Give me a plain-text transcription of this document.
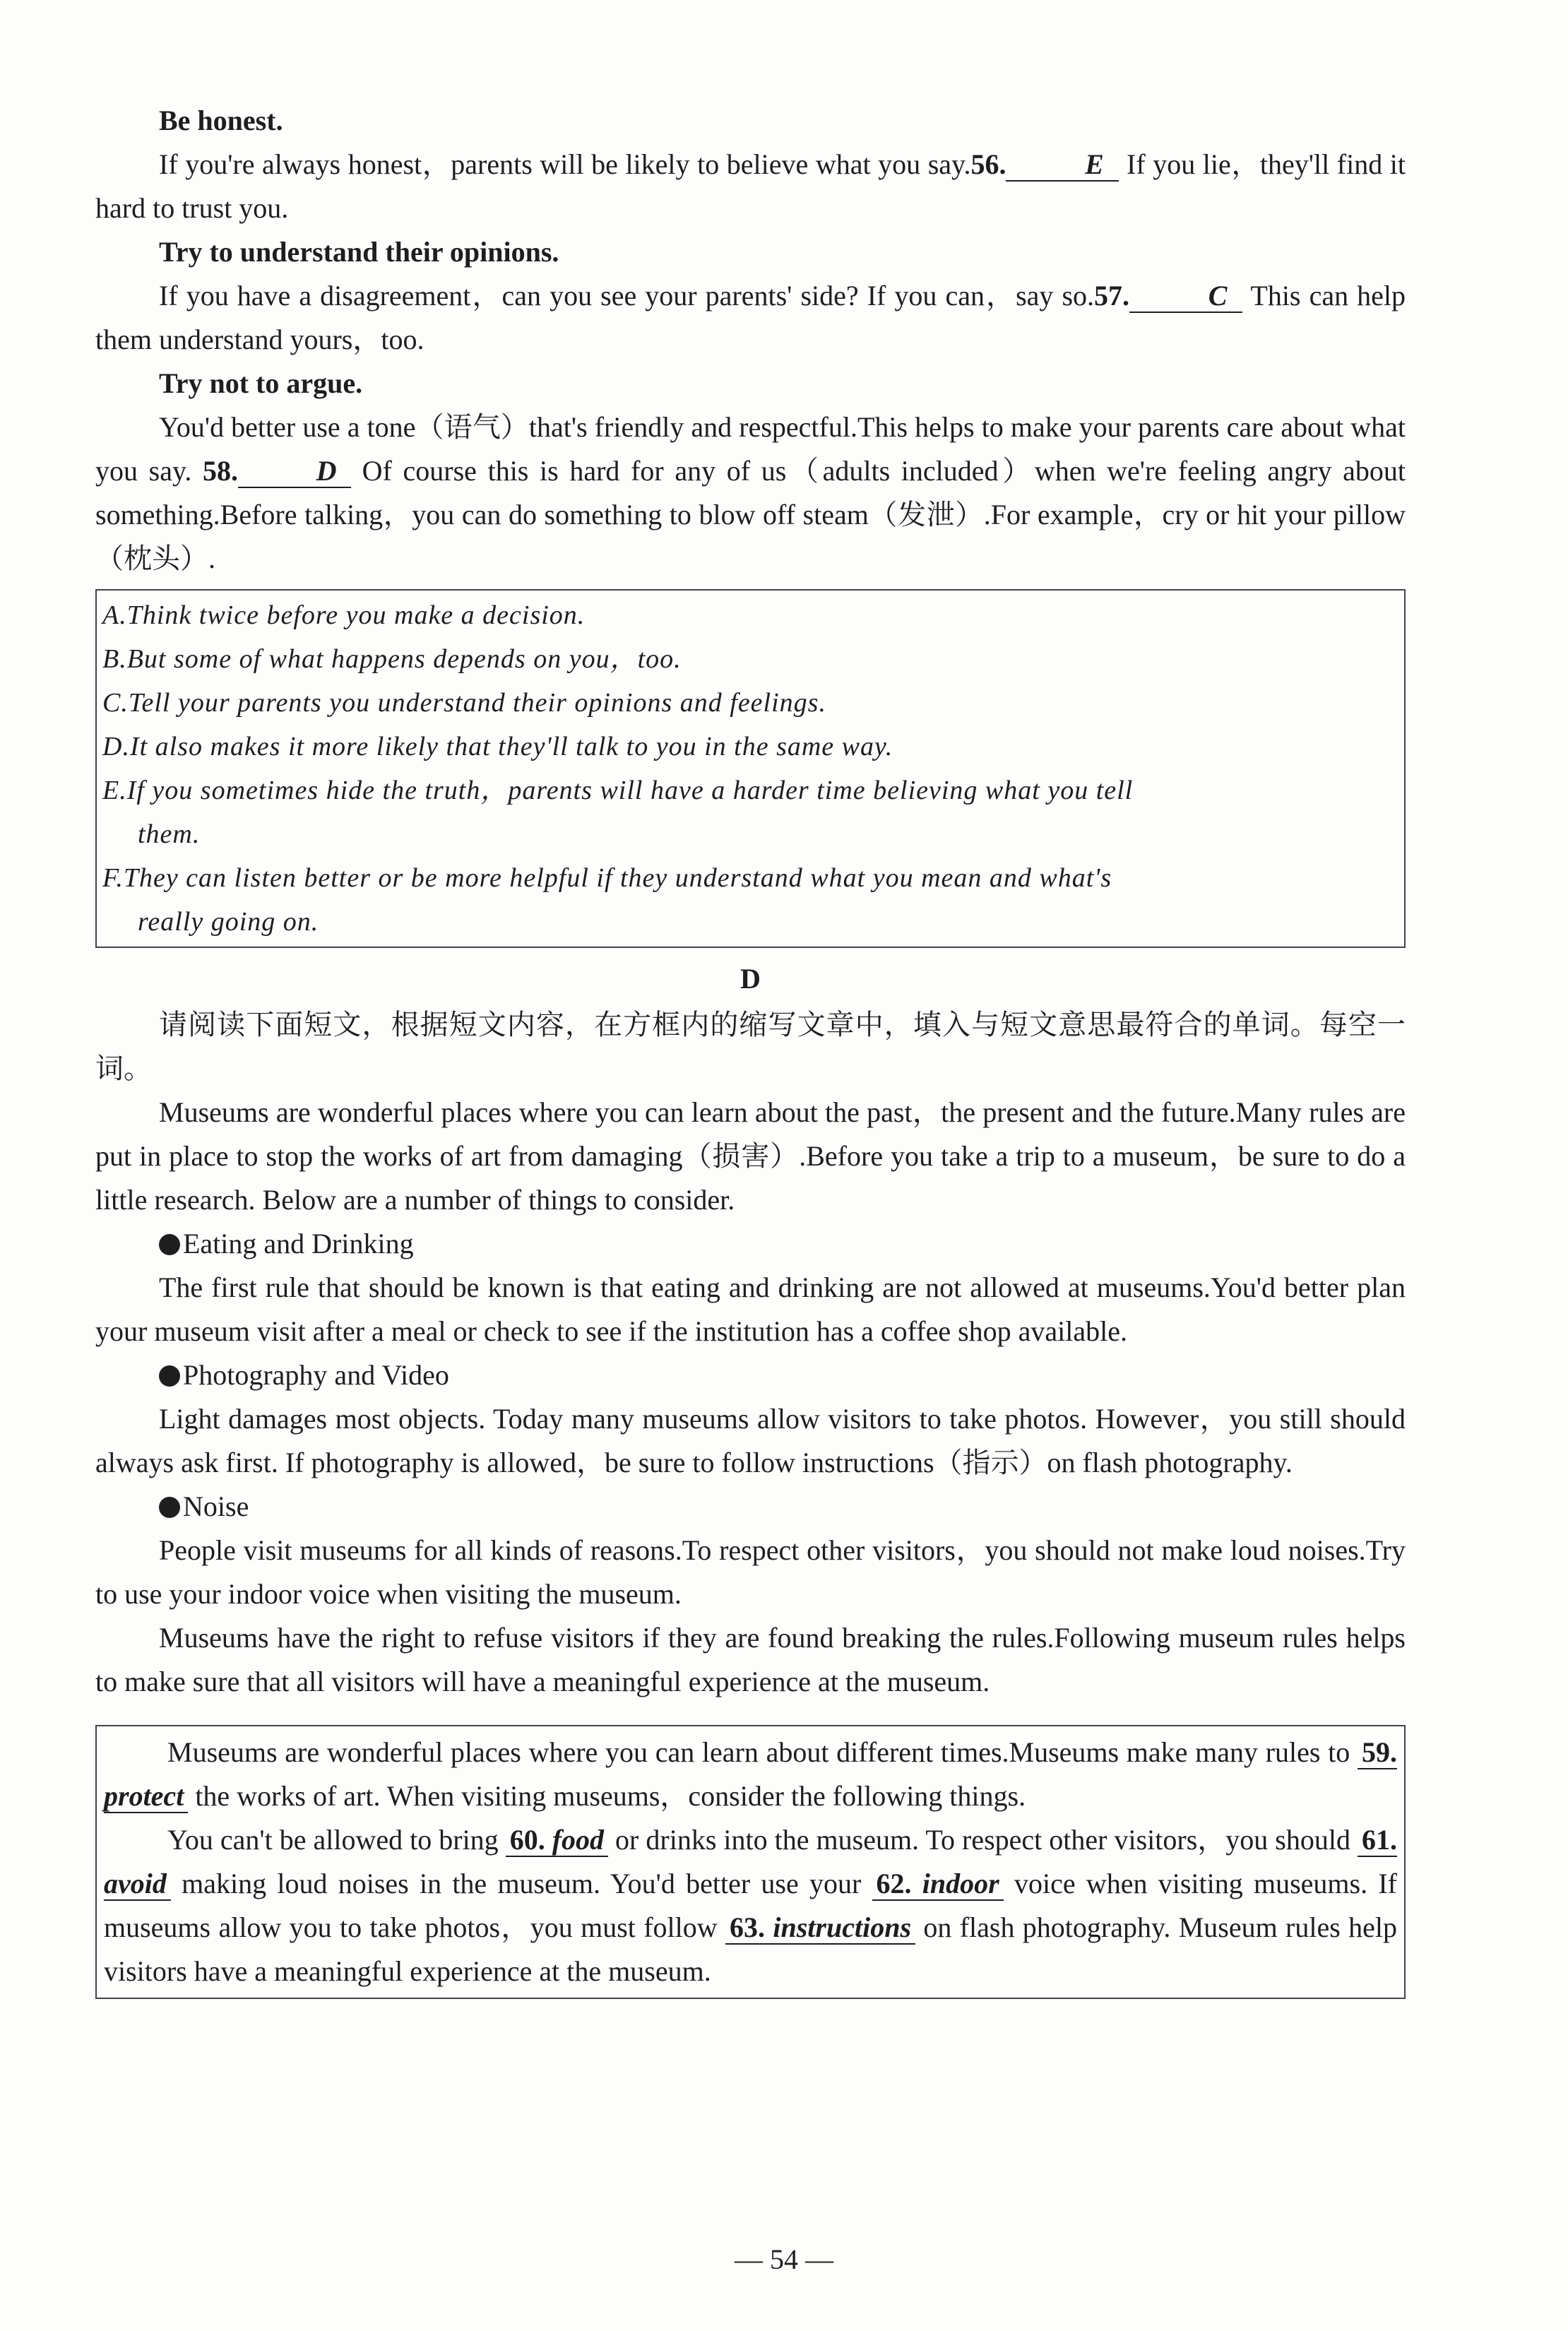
Be honest.

If you're always honest，parents will be likely to believe what you say.56.	E If you lie，they'll find it hard to trust you.

Try to understand their opinions.

If you have a disagreement，can you see your parents' side? If you can，say so.57.	C This can help them understand yours，too.

Try not to argue.

You'd better use a tone（语气）that's friendly and respectful.This helps to make your parents care about what you say. 58.	D Of course this is hard for any of us（adults included）when we're feeling angry about something.Before talking，you can do something to blow off steam（发泄）.For example，cry or hit your pillow（枕头）.

A.Think twice before you make a decision.

B.But some of what happens depends on you，too.

C.Tell your parents you understand their opinions and feelings.

D.It also makes it more likely that they'll talk to you in the same way.

E.If you sometimes hide the truth，parents will have a harder time believing what you tell

them.

F.They can listen better or be more helpful if they understand what you mean and what's

really going on.

D

请阅读下面短文，根据短文内容，在方框内的缩写文章中，填入与短文意思最符合的单词。每空一词。

Museums are wonderful places where you can learn about the past，the present and the future.Many rules are put in place to stop the works of art from damaging（损害）.Before you take a trip to a museum，be sure to do a little research. Below are a number of things to consider.

Eating and Drinking

The first rule that should be known is that eating and drinking are not allowed at museums.You'd better plan your museum visit after a meal or check to see if the institution has a coffee shop available.

Photography and Video

Light damages most objects. Today many museums allow visitors to take photos. However，you still should always ask first. If photography is allowed，be sure to follow instructions（指示）on flash photography.

Noise

People visit museums for all kinds of reasons.To respect other visitors，you should not make loud noises.Try to use your indoor voice when visiting the museum.

Museums have the right to refuse visitors if they are found breaking the rules.Following museum rules helps to make sure that all visitors will have a meaningful experience at the museum.

Museums are wonderful places where you can learn about different times.Museums make many rules to 59. protect the works of art. When visiting museums，consider the following things.

You can't be allowed to bring 60. food or drinks into the museum. To respect other visitors，you should 61. avoid making loud noises in the museum. You'd better use your 62. indoor voice when visiting museums. If museums allow you to take photos，you must follow 63. instructions on flash photography. Museum rules help visitors have a meaningful experience at the museum.

— 54 —
